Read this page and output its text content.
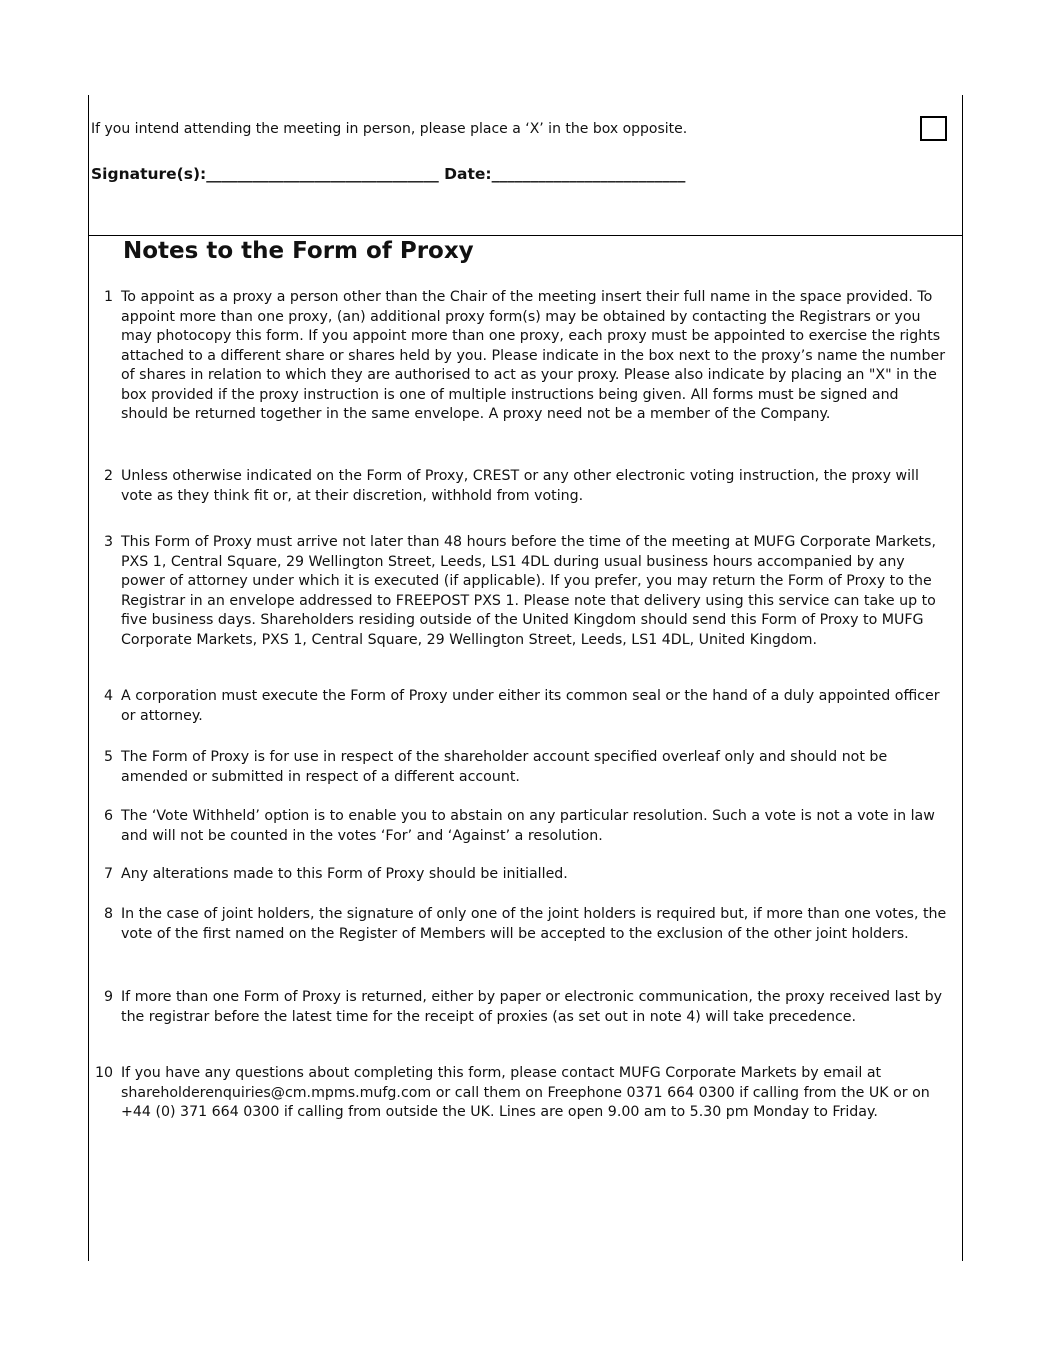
If you intend attending the meeting in person, please place a ‘X’ in the box opposite.
Signature(s):______________________________ Date:_________________________
Notes to the Form of Proxy
1 To appoint as a proxy a person other than the Chair of the meeting insert their full name in the space provided. To appoint more than one proxy, (an) additional proxy form(s) may be obtained by contacting the Registrars or you may photocopy this form. If you appoint more than one proxy, each proxy must be appointed to exercise the rights attached to a different share or shares held by you. Please indicate in the box next to the proxy’s name the number of shares in relation to which they are authorised to act as your proxy. Please also indicate by placing an "X" in the box provided if the proxy instruction is one of multiple instructions being given. All forms must be signed and should be returned together in the same envelope. A proxy need not be a member of the Company.
2 Unless otherwise indicated on the Form of Proxy, CREST or any other electronic voting instruction, the proxy will vote as they think fit or, at their discretion, withhold from voting.
3 This Form of Proxy must arrive not later than 48 hours before the time of the meeting at MUFG Corporate Markets, PXS 1, Central Square, 29 Wellington Street, Leeds, LS1 4DL during usual business hours accompanied by any power of attorney under which it is executed (if applicable). If you prefer, you may return the Form of Proxy to the Registrar in an envelope addressed to FREEPOST PXS 1. Please note that delivery using this service can take up to five business days. Shareholders residing outside of the United Kingdom should send this Form of Proxy to MUFG Corporate Markets, PXS 1, Central Square, 29 Wellington Street, Leeds, LS1 4DL, United Kingdom.
4 A corporation must execute the Form of Proxy under either its common seal or the hand of a duly appointed officer or attorney.
5 The Form of Proxy is for use in respect of the shareholder account specified overleaf only and should not be amended or submitted in respect of a different account.
6 The ‘Vote Withheld’ option is to enable you to abstain on any particular resolution. Such a vote is not a vote in law and will not be counted in the votes ‘For’ and ‘Against’ a resolution.
7 Any alterations made to this Form of Proxy should be initialled.
8 In the case of joint holders, the signature of only one of the joint holders is required but, if more than one votes, the vote of the first named on the Register of Members will be accepted to the exclusion of the other joint holders.
9 If more than one Form of Proxy is returned, either by paper or electronic communication, the proxy received last by the registrar before the latest time for the receipt of proxies (as set out in note 4) will take precedence.
10 If you have any questions about completing this form, please contact MUFG Corporate Markets by email at shareholderenquiries@cm.mpms.mufg.com or call them on Freephone 0371 664 0300 if calling from the UK or on +44 (0) 371 664 0300 if calling from outside the UK. Lines are open 9.00 am to 5.30 pm Monday to Friday.
